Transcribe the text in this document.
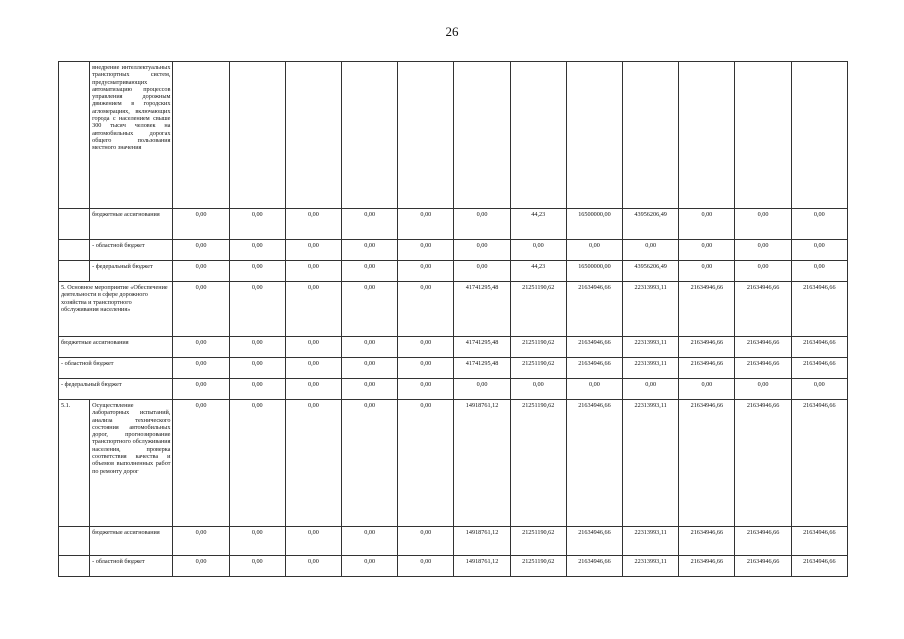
26
	внедрение интеллектуальных транспортных систем, предусматривающих автоматизацию процессов управления дорожным движением в городских агломерациях, включающих города с населением свыше 300 тысяч человек на автомобильных дорогах общего пользования местного значения												
	бюджетные ассигнования	0,00	0,00	0,00	0,00	0,00	0,00	44,23	16500000,00	43956206,49	0,00	0,00	0,00
	- областной бюджет	0,00	0,00	0,00	0,00	0,00	0,00	0,00	0,00	0,00	0,00	0,00	0,00
	- федеральный бюджет	0,00	0,00	0,00	0,00	0,00	0,00	44,23	16500000,00	43956206,49	0,00	0,00	0,00
5. Основное мероприятие «Обеспечение деятельности в сфере дорожного хозяйства и транспортного обслуживания населения»		0,00	0,00	0,00	0,00	0,00	41741295,48	21251190,62	21634946,66	22313993,11	21634946,66	21634946,66	21634946,66
бюджетные ассигнования		0,00	0,00	0,00	0,00	0,00	41741295,48	21251190,62	21634946,66	22313993,11	21634946,66	21634946,66	21634946,66
- областной бюджет		0,00	0,00	0,00	0,00	0,00	41741295,48	21251190,62	21634946,66	22313993,11	21634946,66	21634946,66	21634946,66
- федеральный бюджет		0,00	0,00	0,00	0,00	0,00	0,00	0,00	0,00	0,00	0,00	0,00	0,00
5.1.	Осуществление лабораторных испытаний, анализа технического состояния автомобильных дорог, прогнозирование транспортного обслуживания населения, проверка соответствия качества и объемов выполненных работ по ремонту дорог	0,00	0,00	0,00	0,00	0,00	14918761,12	21251190,62	21634946,66	22313993,11	21634946,66	21634946,66	21634946,66
	бюджетные ассигнования	0,00	0,00	0,00	0,00	0,00	14918761,12	21251190,62	21634946,66	22313993,11	21634946,66	21634946,66	21634946,66
	- областной бюджет	0,00	0,00	0,00	0,00	0,00	14918761,12	21251190,62	21634946,66	22313993,11	21634946,66	21634946,66	21634946,66
